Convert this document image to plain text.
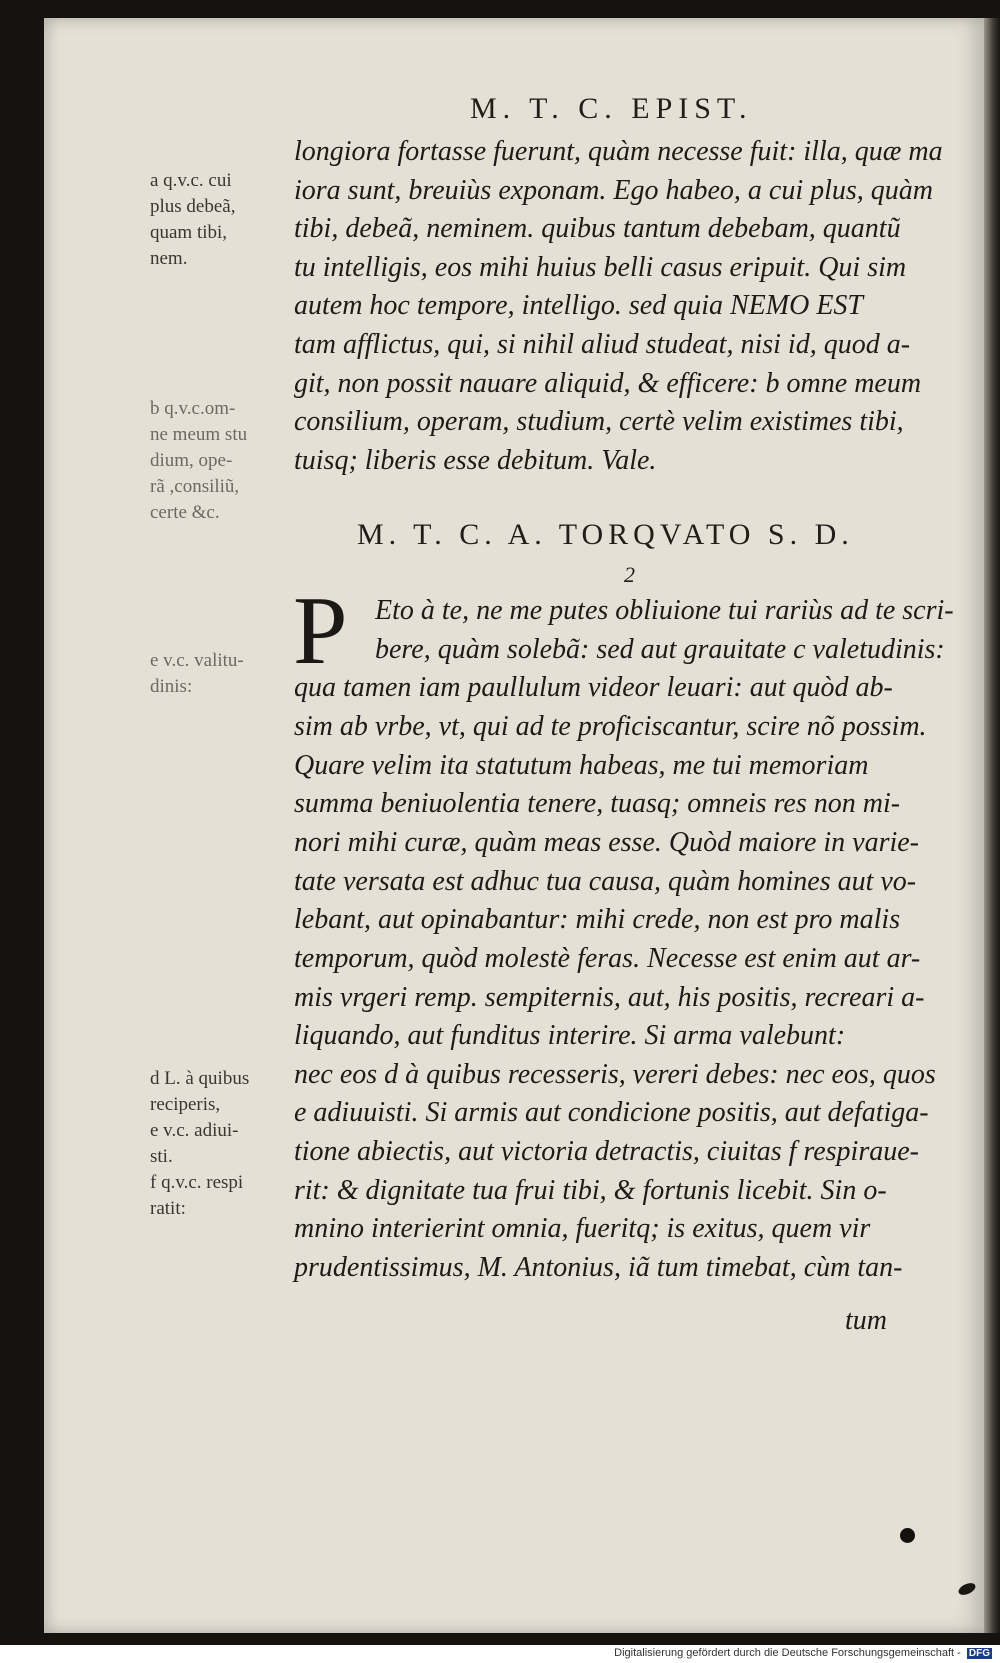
M. T. C. EPIST.
longiora fortasse fuerunt, quàm necesse fuit: illa, quæ ma
iora sunt, breuiùs exponam. Ego habeo, a cui plus, quàm
tibi, debeã, neminem. quibus tantum debebam, quantũ
tu intelligis, eos mihi huius belli casus eripuit. Qui sim
autem hoc tempore, intelligo. sed quia NEMO EST
tam afflictus, qui, si nihil aliud studeat, nisi id, quod a-
git, non possit nauare aliquid, & efficere: b omne meum
consilium, operam, studium, certè velim existimes tibi,
tuisq; liberis esse debitum. Vale.
a q.v.c. cui
plus debeã,
quam tibi,
nem.
b q.v.c.om-
ne meum stu
dium, ope-
rã ,consiliũ,
certe &c.
M. T. C. A. TORQVATO S. D.
2
P
e v.c. valitu-
dinis:
Eto à te, ne me putes obliuione tui rariùs ad te scri-
bere, quàm solebã: sed aut grauitate c valetudinis:
qua tamen iam paullulum videor leuari: aut quòd ab-
sim ab vrbe, vt, qui ad te proficiscantur, scire nõ possim.
Quare velim ita statutum habeas, me tui memoriam
summa beniuolentia tenere, tuasq; omneis res non mi-
nori mihi curæ, quàm meas esse. Quòd maiore in varie-
tate versata est adhuc tua causa, quàm homines aut vo-
lebant, aut opinabantur: mihi crede, non est pro malis
temporum, quòd molestè feras. Necesse est enim aut ar-
mis vrgeri remp. sempiternis, aut, his positis, recreari a-
liquando, aut funditus interire. Si arma valebunt:
nec eos d à quibus recesseris, vereri debes: nec eos, quos
e adiuuisti. Si armis aut condicione positis, aut defatiga-
tione abiectis, aut victoria detractis, ciuitas f respiraue-
rit: & dignitate tua frui tibi, & fortunis licebit. Sin o-
mnino interierint omnia, fueritq; is exitus, quem vir
prudentissimus, M. Antonius, iã tum timebat, cùm tan-
d L. à quibus
reciperis,
e v.c. adiui-
sti.
f q.v.c. respi
ratit:
tum
Digitalisierung gefördert durch die Deutsche Forschungsgemeinschaft - DFG
